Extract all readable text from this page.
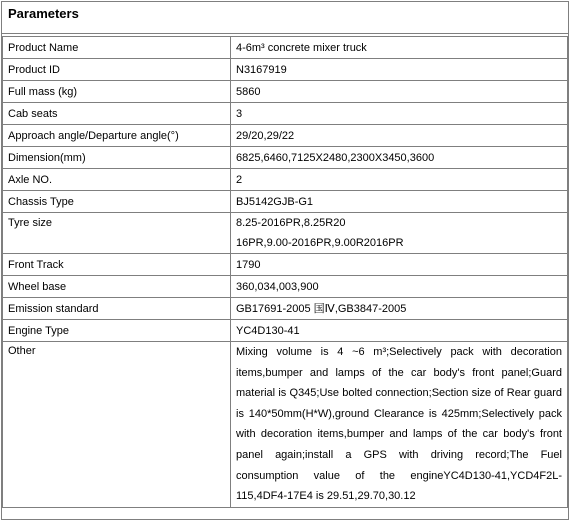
Parameters
Product Name	4-6m³ concrete mixer truck
Product ID	N3167919
Full mass (kg)	5860
Cab seats	3
Approach angle/Departure angle(°)	29/20,29/22
Dimension(mm)	6825,6460,7125X2480,2300X3450,3600
Axle NO.	2
Chassis Type	BJ5142GJB-G1
Tyre size	8.25-2016PR,8.25R20
16PR,9.00-2016PR,9.00R2016PR

Front Track	1790
Wheel base	360,034,003,900
Emission standard	GB17691-2005 国Ⅳ,GB3847-2005
Engine Type	YC4D130-41
Other	Mixing volume is 4 ~6 m³;Selectively pack with decoration items,bumper and lamps of the car body's front panel;Guard material is Q345;Use bolted connection;Section size of Rear guard is 140*50mm(H*W),ground Clearance is 425mm;Selectively pack with decoration items,bumper and lamps of the car body's front panel again;install a GPS with driving record;The Fuel consumption value of the engineYC4D130-41,YCD4F2L-115,4DF4-17E4 is 29.51,29.70,30.12
